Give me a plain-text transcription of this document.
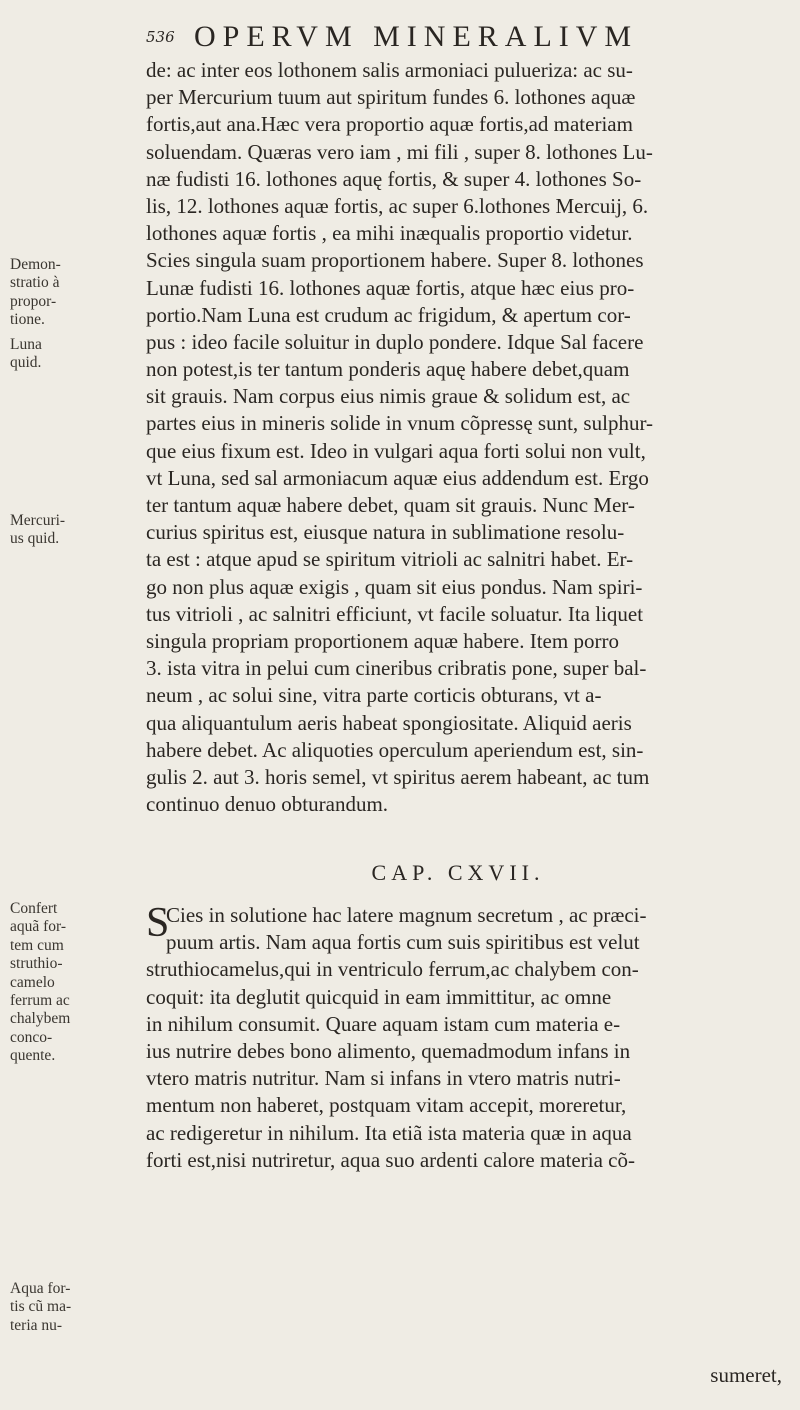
536 OPERVM MINERALIVM
Demon-
stratio à
propor-
tione.
Luna
quid.
Mercuri-
us quid.
Confert
aquã for-
tem cum
struthio-
camelo
ferrum ac
chalybem
conco-
quente.
Aqua for-
tis cũ ma-
teria nu-
de: ac inter eos lothonem salis armoniaci pulueriza: ac su-
per Mercurium tuum aut spiritum fundes 6. lothones aquæ
fortis,aut ana.Hæc vera proportio aquæ fortis,ad materiam
soluendam. Quæras vero iam , mi fili , super 8. lothones Lu-
næ fudisti 16. lothones aquę fortis, & super 4. lothones So-
lis, 12. lothones aquæ fortis, ac super 6.lothones Mercuij, 6.
lothones aquæ fortis , ea mihi inæqualis proportio videtur.
Scies singula suam proportionem habere. Super 8. lothones
Lunæ fudisti 16. lothones aquæ fortis, atque hæc eius pro-
portio.Nam Luna est crudum ac frigidum, & apertum cor-
pus : ideo facile soluitur in duplo pondere. Idque Sal facere
non potest,is ter tantum ponderis aquę habere debet,quam
sit grauis. Nam corpus eius nimis graue & solidum est, ac
partes eius in mineris solide in vnum cõpressę sunt, sulphur-
que eius fixum est. Ideo in vulgari aqua forti solui non vult,
vt Luna, sed sal armoniacum aquæ eius addendum est. Ergo
ter tantum aquæ habere debet, quam sit grauis. Nunc Mer-
curius spiritus est, eiusque natura in sublimatione resolu-
ta est : atque apud se spiritum vitrioli ac salnitri habet. Er-
go non plus aquæ exigis , quam sit eius pondus. Nam spiri-
tus vitrioli , ac salnitri efficiunt, vt facile soluatur. Ita liquet
singula propriam proportionem aquæ habere. Item porro
3. ista vitra in pelui cum cineribus cribratis pone, super bal-
neum , ac solui sine, vitra parte corticis obturans, vt a-
qua aliquantulum aeris habeat spongiositate. Aliquid aeris
habere debet. Ac aliquoties operculum aperiendum est, sin-
gulis 2. aut 3. horis semel, vt spiritus aerem habeant, ac tum
continuo denuo obturandum.
CAP. CXVII.
S
Cies in solutione hac latere magnum secretum , ac præci-
puum artis. Nam aqua fortis cum suis spiritibus est velut
struthiocamelus,qui in ventriculo ferrum,ac chalybem con-
coquit: ita deglutit quicquid in eam immittitur, ac omne
in nihilum consumit. Quare aquam istam cum materia e-
ius nutrire debes bono alimento, quemadmodum infans in
vtero matris nutritur. Nam si infans in vtero matris nutri-
mentum non haberet, postquam vitam accepit, moreretur,
ac redigeretur in nihilum. Ita etiã ista materia quæ in aqua
forti est,nisi nutriretur, aqua suo ardenti calore materia cõ-
sumeret,
